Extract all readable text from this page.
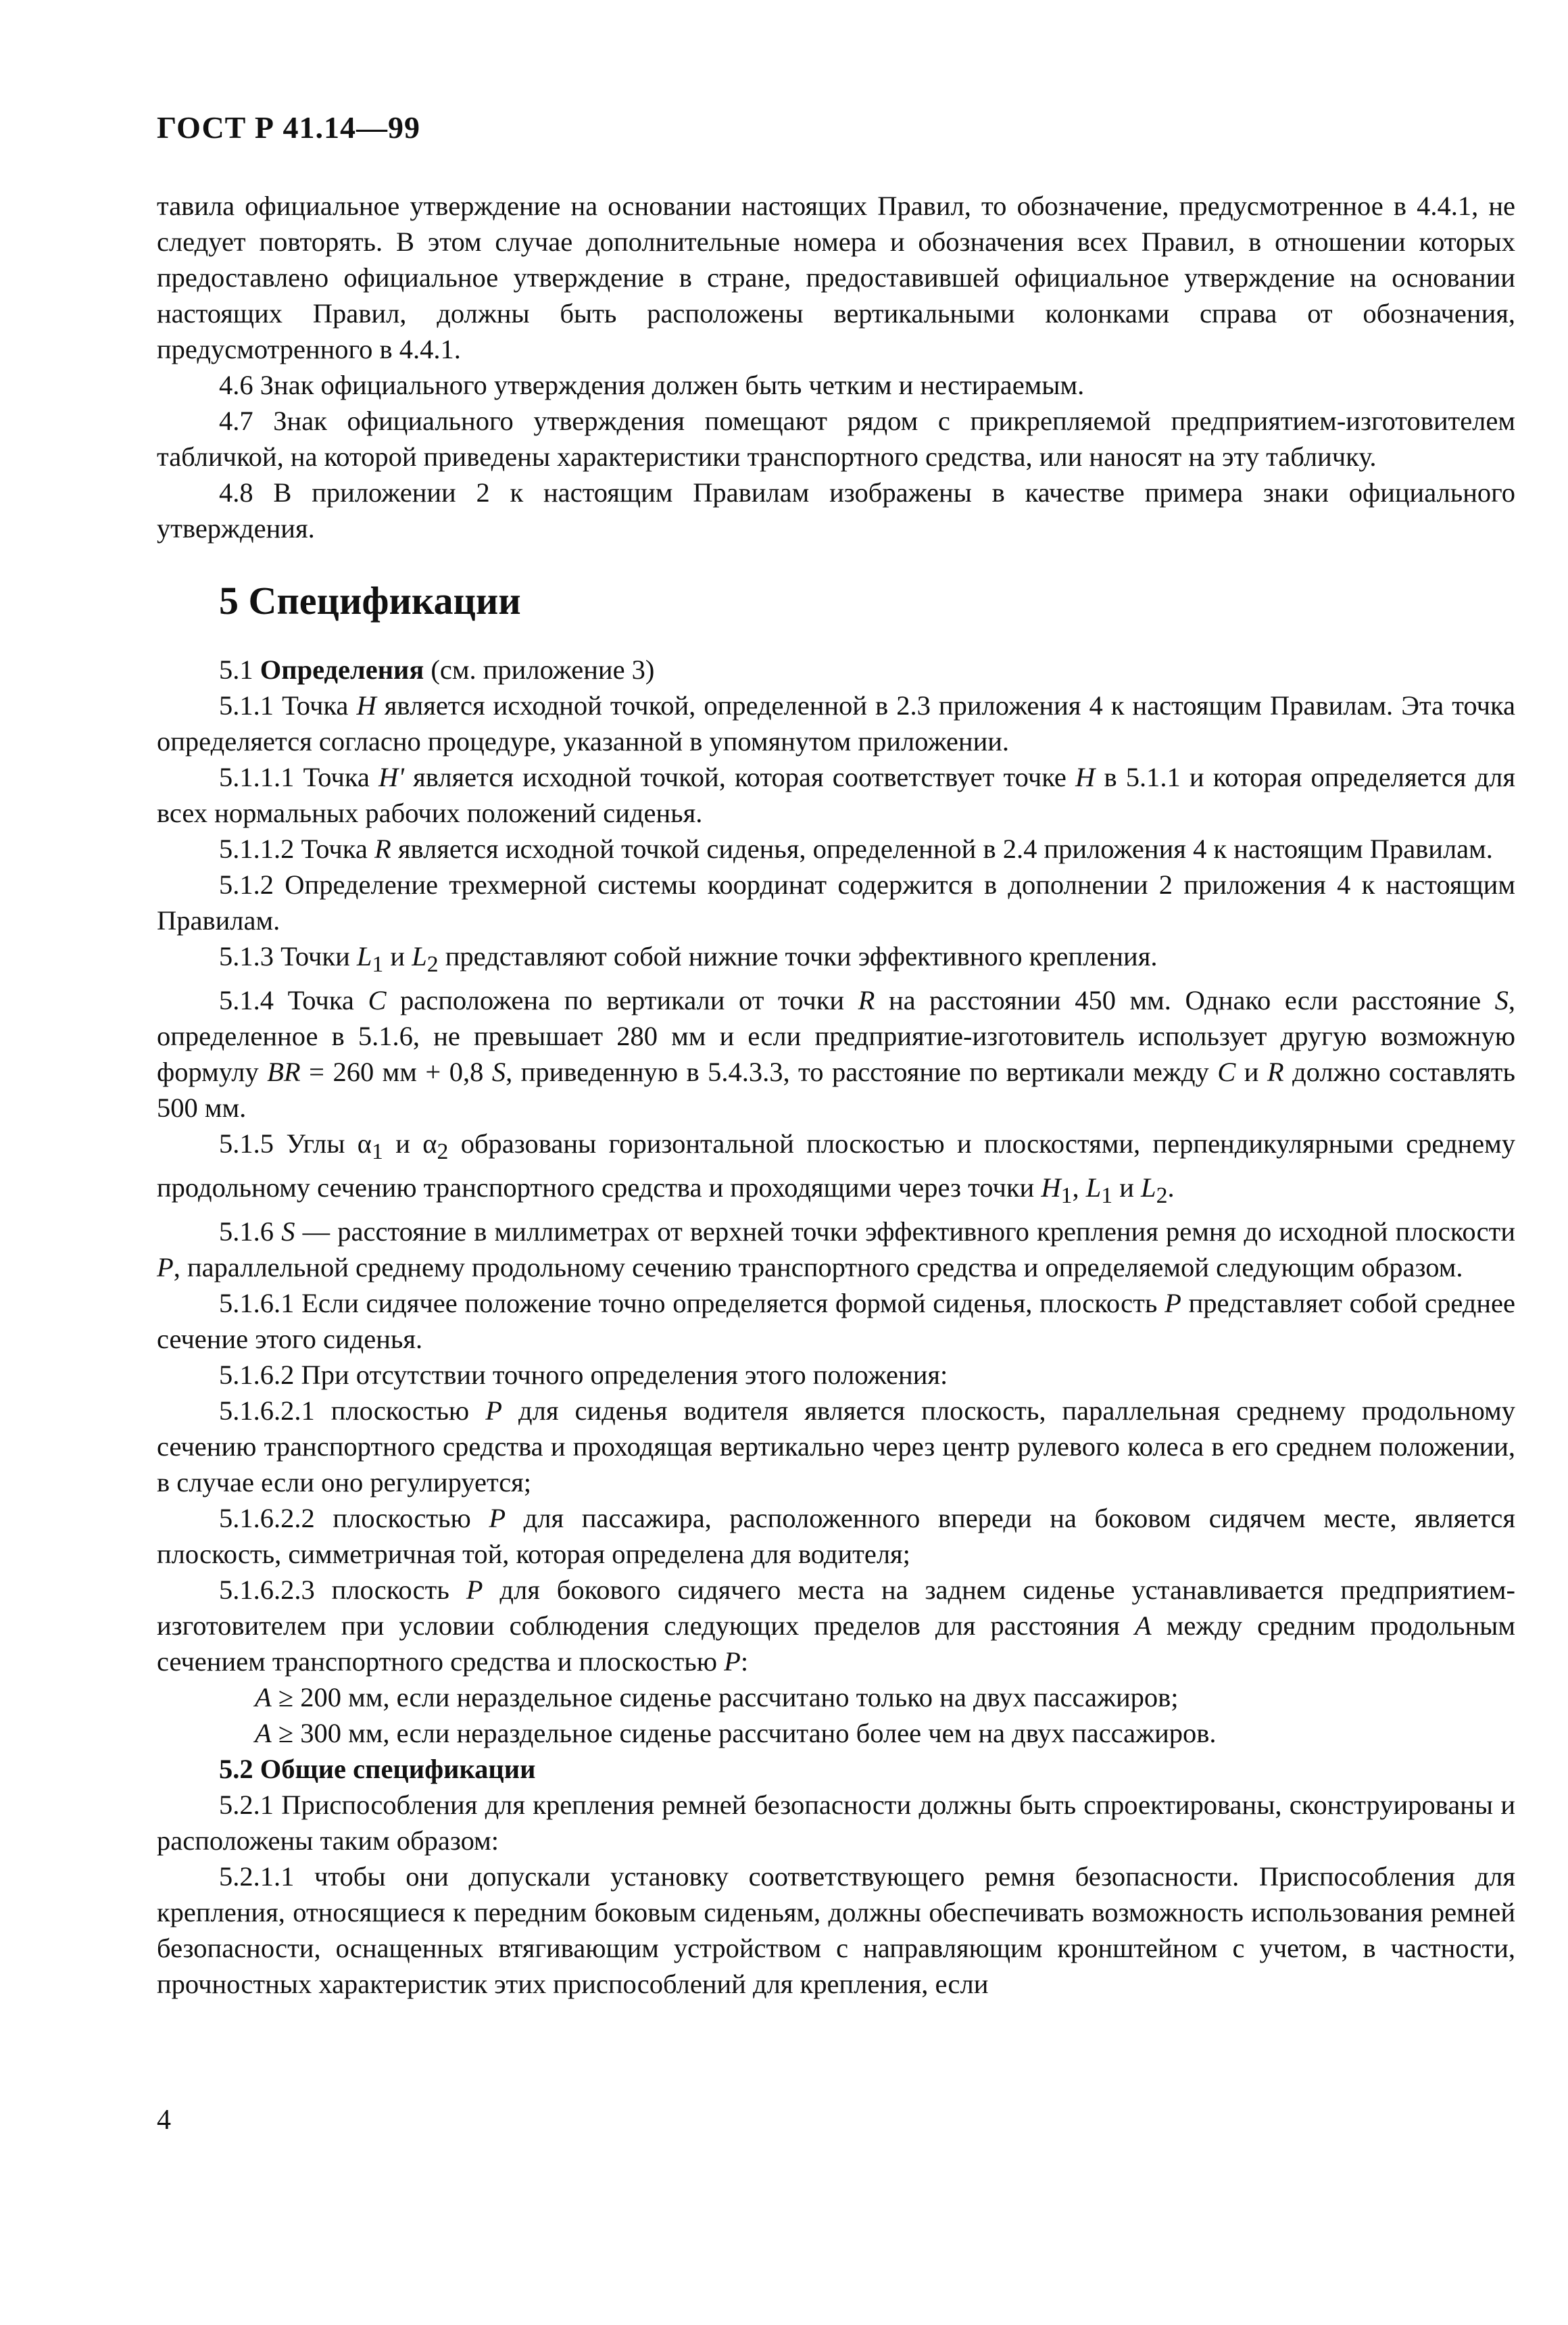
ГОСТ Р 41.14—99

тавила официальное утверждение на основании настоящих Правил, то обозначение, предусмотренное в 4.4.1, не следует повторять. В этом случае дополнительные номера и обозначения всех Правил, в отношении которых предоставлено официальное утверждение в стране, предоставившей официальное утверждение на основании настоящих Правил, должны быть расположены вертикальными колонками справа от обозначения, предусмотренного в 4.4.1.

4.6 Знак официального утверждения должен быть четким и нестираемым.

4.7 Знак официального утверждения помещают рядом с прикрепляемой предприятием-изготовителем табличкой, на которой приведены характеристики транспортного средства, или наносят на эту табличку.

4.8 В приложении 2 к настоящим Правилам изображены в качестве примера знаки официального утверждения.

5 Спецификации

5.1 Определения (см. приложение 3)

5.1.1 Точка H является исходной точкой, определенной в 2.3 приложения 4 к настоящим Правилам. Эта точка определяется согласно процедуре, указанной в упомянутом приложении.

5.1.1.1 Точка H' является исходной точкой, которая соответствует точке H в 5.1.1 и которая определяется для всех нормальных рабочих положений сиденья.

5.1.1.2 Точка R является исходной точкой сиденья, определенной в 2.4 приложения 4 к настоящим Правилам.

5.1.2 Определение трехмерной системы координат содержится в дополнении 2 приложения 4 к настоящим Правилам.

5.1.3 Точки $L_1$ и $L_2$ представляют собой нижние точки эффективного крепления.

5.1.4 Точка C расположена по вертикали от точки R на расстоянии 450 мм. Однако если расстояние S, определенное в 5.1.6, не превышает 280 мм и если предприятие-изготовитель использует другую возможную формулу BR = 260 мм + 0,8 S, приведенную в 5.4.3.3, то расстояние по вертикали между C и R должно составлять 500 мм.

5.1.5 Углы $\alpha_1$ и $\alpha_2$ образованы горизонтальной плоскостью и плоскостями, перпендикулярными среднему продольному сечению транспортного средства и проходящими через точки $H_1$, $L_1$ и $L_2$.

5.1.6 S — расстояние в миллиметрах от верхней точки эффективного крепления ремня до исходной плоскости P, параллельной среднему продольному сечению транспортного средства и определяемой следующим образом.

5.1.6.1 Если сидячее положение точно определяется формой сиденья, плоскость P представляет собой среднее сечение этого сиденья.

5.1.6.2 При отсутствии точного определения этого положения:

5.1.6.2.1 плоскостью P для сиденья водителя является плоскость, параллельная среднему продольному сечению транспортного средства и проходящая вертикально через центр рулевого колеса в его среднем положении, в случае если оно регулируется;

5.1.6.2.2 плоскостью P для пассажира, расположенного впереди на боковом сидячем месте, является плоскость, симметричная той, которая определена для водителя;

5.1.6.2.3 плоскость P для бокового сидячего места на заднем сиденье устанавливается предприятием-изготовителем при условии соблюдения следующих пределов для расстояния A между средним продольным сечением транспортного средства и плоскостью P:

A ≥ 200 мм, если нераздельное сиденье рассчитано только на двух пассажиров;

A ≥ 300 мм, если нераздельное сиденье рассчитано более чем на двух пассажиров.

5.2 Общие спецификации

5.2.1 Приспособления для крепления ремней безопасности должны быть спроектированы, сконструированы и расположены таким образом:

5.2.1.1 чтобы они допускали установку соответствующего ремня безопасности. Приспособления для крепления, относящиеся к передним боковым сиденьям, должны обеспечивать возможность использования ремней безопасности, оснащенных втягивающим устройством с направляющим кронштейном с учетом, в частности, прочностных характеристик этих приспособлений для крепления, если

4
